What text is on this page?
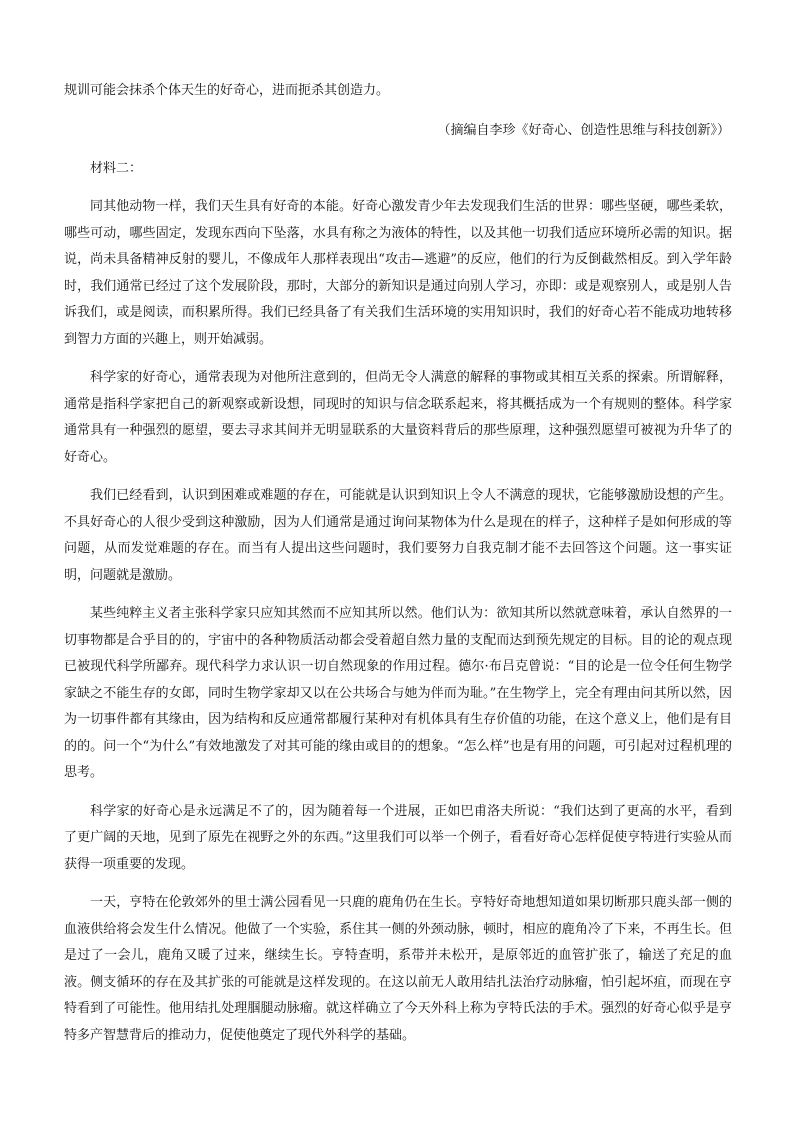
规训可能会抹杀个体天生的好奇心，进而扼杀其创造力。

（摘编自李珍《好奇心、创造性思维与科技创新》）

材料二：

同其他动物一样，我们天生具有好奇的本能。好奇心激发青少年去发现我们生活的世界：哪些坚硬，哪些柔软，哪些可动，哪些固定，发现东西向下坠落，水具有称之为液体的特性，以及其他一切我们适应环境所必需的知识。据说，尚未具备精神反射的婴儿，不像成年人那样表现出“攻击—逃避”的反应，他们的行为反倒截然相反。到入学年龄时，我们通常已经过了这个发展阶段，那时，大部分的新知识是通过向别人学习，亦即：或是观察别人，或是别人告诉我们，或是阅读，而积累所得。我们已经具备了有关我们生活环境的实用知识时，我们的好奇心若不能成功地转移到智力方面的兴趣上，则开始减弱。

科学家的好奇心，通常表现为对他所注意到的，但尚无令人满意的解释的事物或其相互关系的探索。所谓解释，通常是指科学家把自己的新观察或新设想，同现时的知识与信念联系起来，将其概括成为一个有规则的整体。科学家通常具有一种强烈的愿望，要去寻求其间并无明显联系的大量资料背后的那些原理，这种强烈愿望可被视为升华了的好奇心。

我们已经看到，认识到困难或难题的存在，可能就是认识到知识上令人不满意的现状，它能够激励设想的产生。不具好奇心的人很少受到这种激励，因为人们通常是通过询问某物体为什么是现在的样子，这种样子是如何形成的等问题，从而发觉难题的存在。而当有人提出这些问题时，我们要努力自我克制才能不去回答这个问题。这一事实证明，问题就是激励。

某些纯粹主义者主张科学家只应知其然而不应知其所以然。他们认为：欲知其所以然就意味着，承认自然界的一切事物都是合乎目的的，宇宙中的各种物质活动都会受着超自然力量的支配而达到预先规定的目标。目的论的观点现已被现代科学所鄙弃。现代科学力求认识一切自然现象的作用过程。德尔·布吕克曾说：“目的论是一位令任何生物学家缺之不能生存的女郎，同时生物学家却又以在公共场合与她为伴而为耻。”在生物学上，完全有理由问其所以然，因为一切事件都有其缘由，因为结构和反应通常都履行某种对有机体具有生存价值的功能，在这个意义上，他们是有目的的。问一个“为什么”有效地激发了对其可能的缘由或目的的想象。“怎么样”也是有用的问题，可引起对过程机理的思考。

科学家的好奇心是永远满足不了的，因为随着每一个进展，正如巴甫洛夫所说：“我们达到了更高的水平，看到了更广阔的天地，见到了原先在视野之外的东西。”这里我们可以举一个例子，看看好奇心怎样促使亨特进行实验从而获得一项重要的发现。

一天，亨特在伦敦郊外的里士满公园看见一只鹿的鹿角仍在生长。亨特好奇地想知道如果切断那只鹿头部一侧的血液供给将会发生什么情况。他做了一个实验，系住其一侧的外颈动脉，顿时，相应的鹿角冷了下来，不再生长。但是过了一会儿，鹿角又暖了过来，继续生长。亨特查明，系带并未松开，是原邻近的血管扩张了，输送了充足的血液。侧支循环的存在及其扩张的可能就是这样发现的。在这以前无人敢用结扎法治疗动脉瘤，怕引起坏疽，而现在亨特看到了可能性。他用结扎处理腘腿动脉瘤。就这样确立了今天外科上称为亨特氏法的手术。强烈的好奇心似乎是亨特多产智慧背后的推动力，促使他奠定了现代外科学的基础。
